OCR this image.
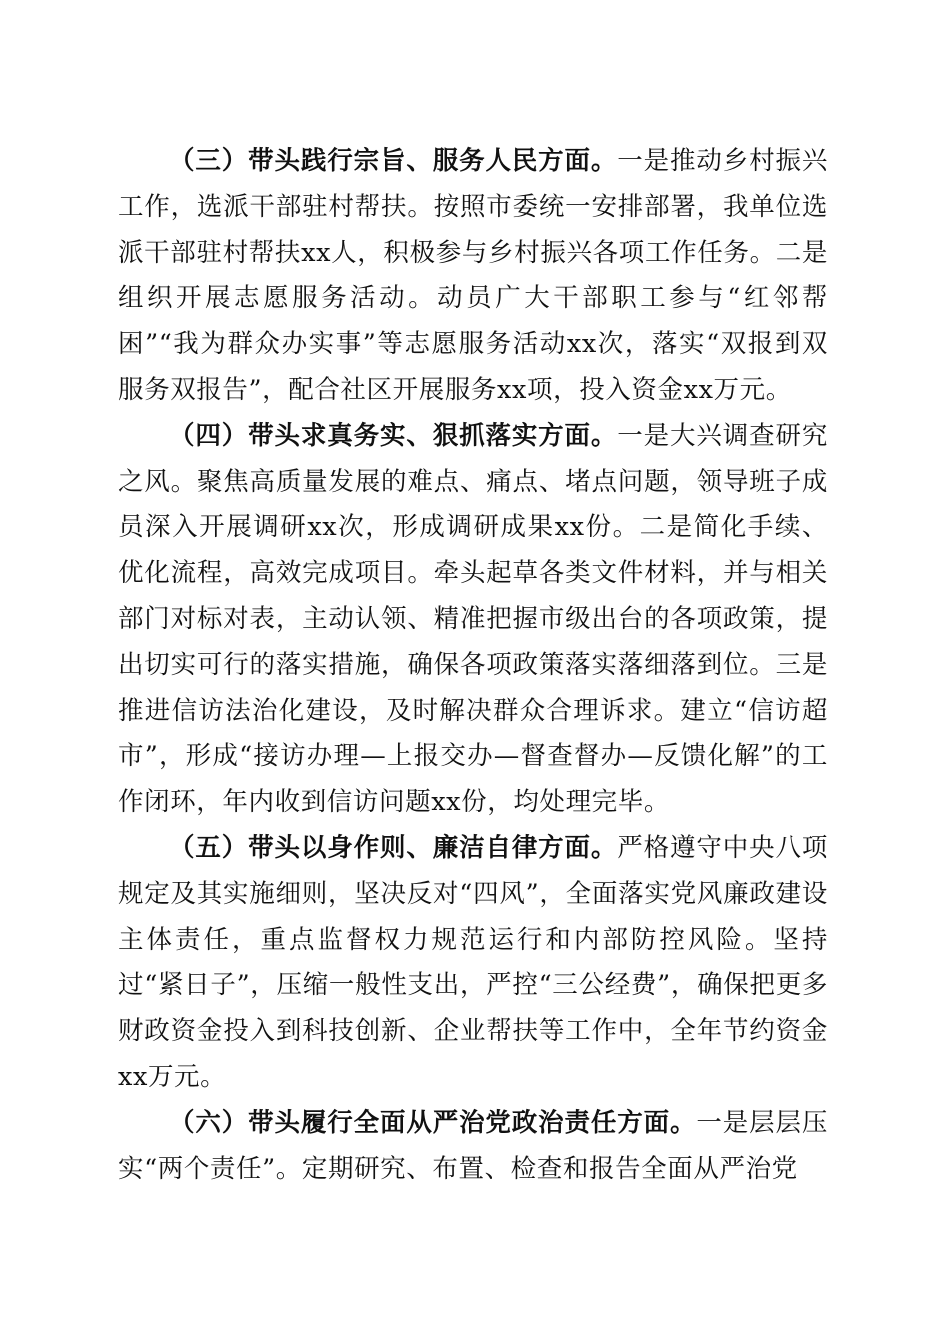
（三）带头践行宗旨、服务人民方面。一是推动乡村振兴工作，选派干部驻村帮扶。按照市委统一安排部署，我单位选派干部驻村帮扶xx人，积极参与乡村振兴各项工作任务。二是组织开展志愿服务活动。动员广大干部职工参与“红邻帮困”“我为群众办实事”等志愿服务活动xx次，落实“双报到双服务双报告”，配合社区开展服务xx项，投入资金xx万元。

（四）带头求真务实、狠抓落实方面。一是大兴调查研究之风。聚焦高质量发展的难点、痛点、堵点问题，领导班子成员深入开展调研xx次，形成调研成果xx份。二是简化手续、优化流程，高效完成项目。牵头起草各类文件材料，并与相关部门对标对表，主动认领、精准把握市级出台的各项政策，提出切实可行的落实措施，确保各项政策落实落细落到位。三是推进信访法治化建设，及时解决群众合理诉求。建立“信访超市”，形成“接访办理—上报交办—督查督办—反馈化解”的工作闭环，年内收到信访问题xx份，均处理完毕。

（五）带头以身作则、廉洁自律方面。严格遵守中央八项规定及其实施细则，坚决反对“四风”，全面落实党风廉政建设主体责任，重点监督权力规范运行和内部防控风险。坚持过“紧日子”，压缩一般性支出，严控“三公经费”，确保把更多财政资金投入到科技创新、企业帮扶等工作中，全年节约资金xx万元。

（六）带头履行全面从严治党政治责任方面。一是层层压实“两个责任”。定期研究、布置、检查和报告全面从严治党
